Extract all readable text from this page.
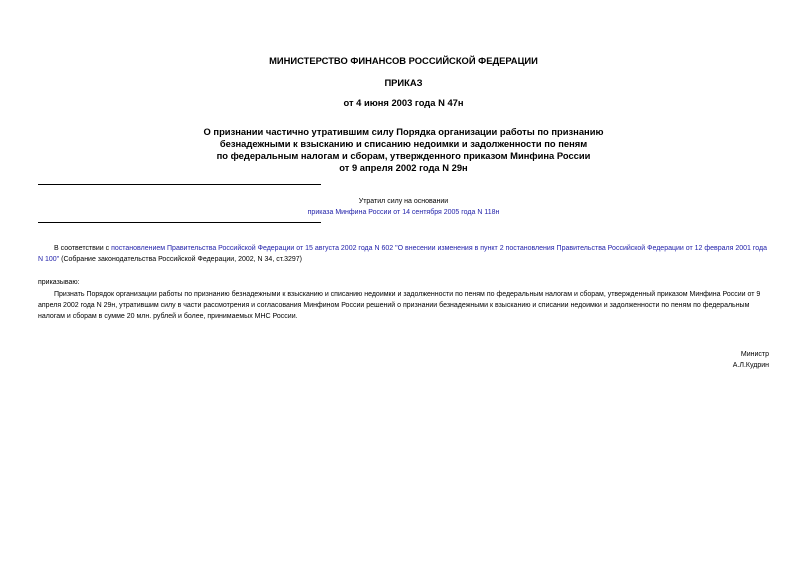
МИНИСТЕРСТВО ФИНАНСОВ РОССИЙСКОЙ ФЕДЕРАЦИИ
ПРИКАЗ
от 4 июня 2003 года N 47н
О признании частично утратившим силу Порядка организации работы по признанию
безнадежными к взысканию и списанию недоимки и задолженности по пеням
по федеральным налогам и сборам, утвержденного приказом Минфина России
от 9 апреля 2002 года N 29н
Утратил силу на основании
приказа Минфина России от 14 сентября 2005 года N 118н
В соответствии с постановлением Правительства Российской Федерации от 15 августа 2002 года N 602 "О внесении изменения в пункт 2 постановления Правительства Российской Федерации от 12 февраля 2001 года N 100" (Собрание законодательства Российской Федерации, 2002, N 34, ст.3297)
приказываю:
Признать Порядок организации работы по признанию безнадежными к взысканию и списанию недоимки и задолженности по пеням по федеральным налогам и сборам, утвержденный приказом Минфина России от 9 апреля 2002 года N 29н, утратившим силу в части рассмотрения и согласования Минфином России решений о признании безнадежными к взысканию и списании недоимки и задолженности по пеням по федеральным налогам и сборам в сумме 20 млн. рублей и более, принимаемых МНС России.
Министр
А.Л.Кудрин
